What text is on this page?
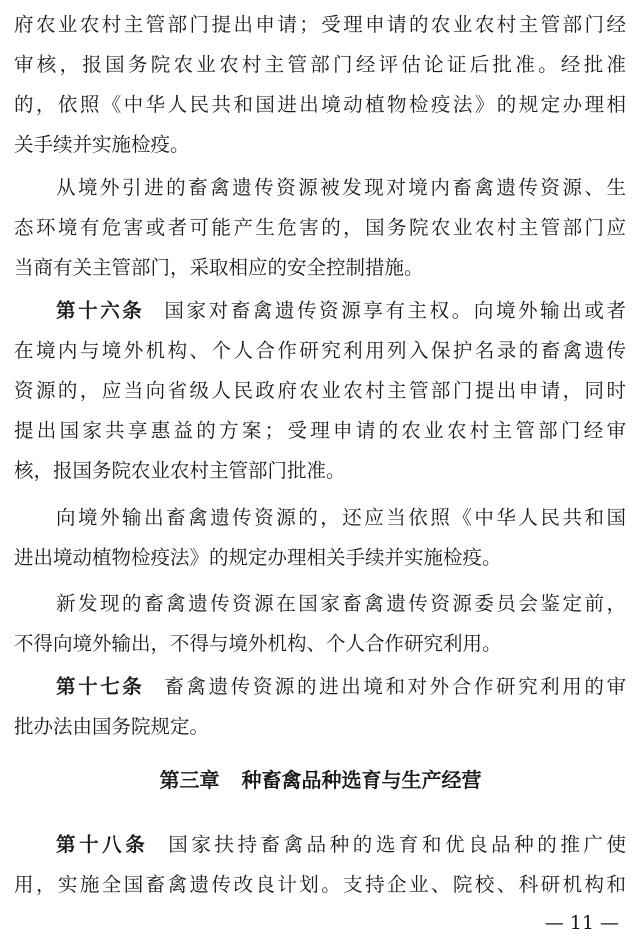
府农业农村主管部门提出申请；受理申请的农业农村主管部门经
审核，报国务院农业农村主管部门经评估论证后批准。经批准
的，依照《中华人民共和国进出境动植物检疫法》的规定办理相
关手续并实施检疫。
从境外引进的畜禽遗传资源被发现对境内畜禽遗传资源、生
态环境有危害或者可能产生危害的，国务院农业农村主管部门应
当商有关主管部门，采取相应的安全控制措施。
第十六条 国家对畜禽遗传资源享有主权。向境外输出或者
在境内与境外机构、个人合作研究利用列入保护名录的畜禽遗传
资源的，应当向省级人民政府农业农村主管部门提出申请，同时
提出国家共享惠益的方案；受理申请的农业农村主管部门经审
核，报国务院农业农村主管部门批准。
向境外输出畜禽遗传资源的，还应当依照《中华人民共和国
进出境动植物检疫法》的规定办理相关手续并实施检疫。
新发现的畜禽遗传资源在国家畜禽遗传资源委员会鉴定前，
不得向境外输出，不得与境外机构、个人合作研究利用。
第十七条 畜禽遗传资源的进出境和对外合作研究利用的审
批办法由国务院规定。
第三章 种畜禽品种选育与生产经营
第十八条 国家扶持畜禽品种的选育和优良品种的推广使
用，实施全国畜禽遗传改良计划。支持企业、院校、科研机构和
— 11 —
